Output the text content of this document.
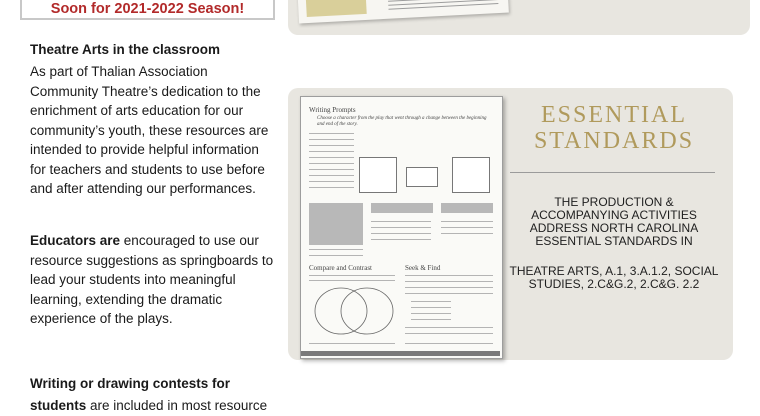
Soon for 2021-2022 Season!
Theatre Arts in the classroom

As part of Thalian Association Community Theatre’s dedication to the enrichment of arts education for our community’s youth, these resources are intended to provide helpful information for teachers and students to use before and after attending our performances.

Educators are encouraged to use our resource suggestions as springboards to lead your students into meaningful learning, extending the dramatic experience of the plays.

Writing or drawing contests for

students are included in most resource

Writing Prompts
Choose a character from the play that went through a change between the beginning and end of the story.
Compare and Contrast	Seek & Find
ESSENTIAL
STANDARDS
THE PRODUCTION & ACCOMPANYING ACTIVITIES ADDRESS NORTH CAROLINA ESSENTIAL STANDARDS IN
THEATRE ARTS, A.1, 3.A.1.2, SOCIAL STUDIES, 2.C&G.2, 2.C&G. 2.2
